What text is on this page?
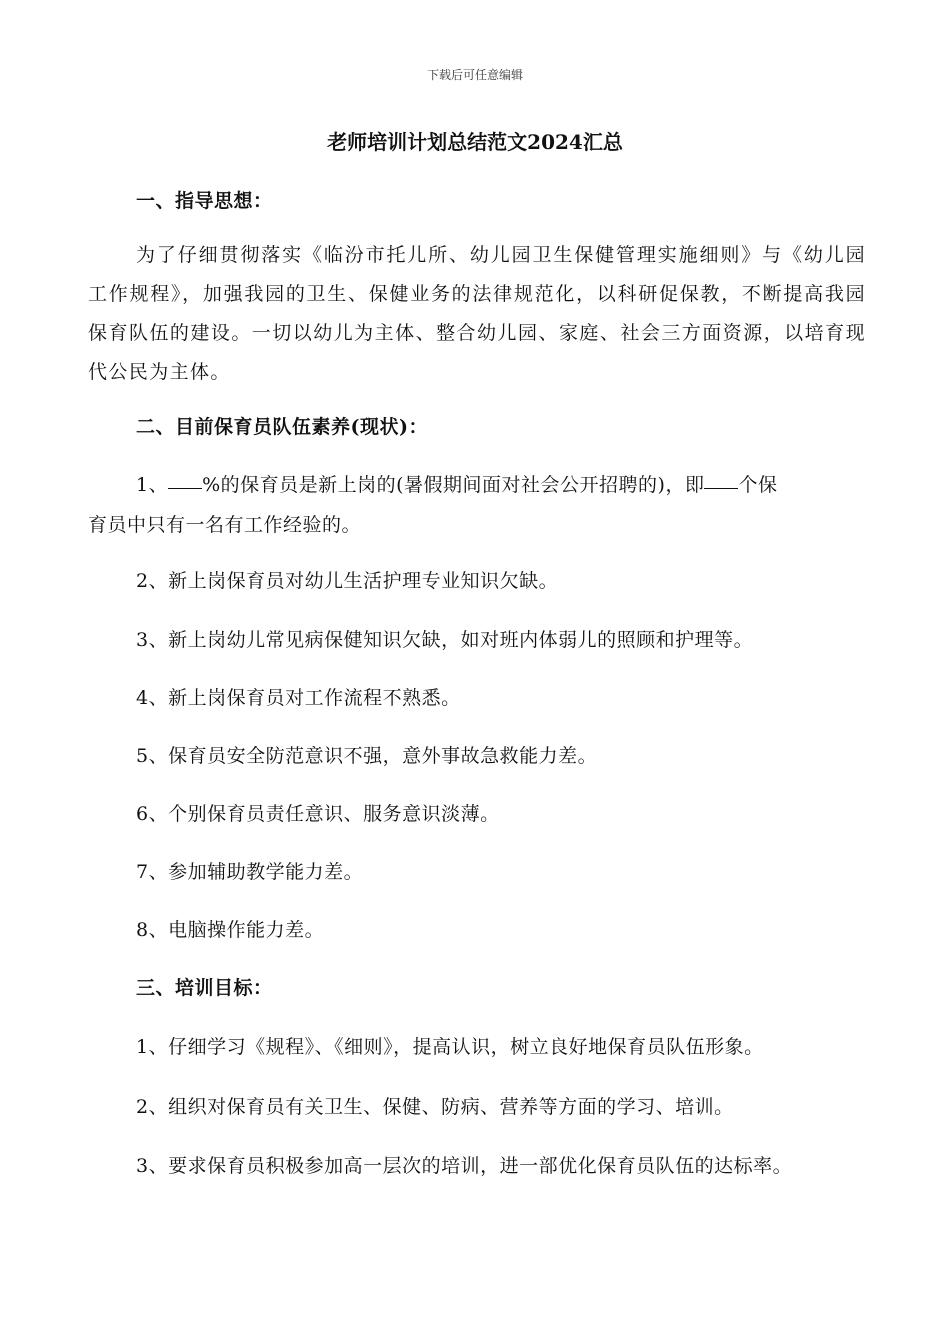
下载后可任意编辑
老师培训计划总结范文2024汇总
一、指导思想：
为了仔细贯彻落实《临汾市托儿所、幼儿园卫生保健管理实施细则》与《幼儿园工作规程》，加强我园的卫生、保健业务的法律规范化，以科研促保教，不断提高我园保育队伍的建设。一切以幼儿为主体、整合幼儿园、家庭、社会三方面资源，以培育现代公民为主体。
二、目前保育员队伍素养(现状)：
1、 %的保育员是新上岗的(暑假期间面对社会公开招聘的)，即 个保
育员中只有一名有工作经验的。
2、新上岗保育员对幼儿生活护理专业知识欠缺。
3、新上岗幼儿常见病保健知识欠缺，如对班内体弱儿的照顾和护理等。
4、新上岗保育员对工作流程不熟悉。
5、保育员安全防范意识不强，意外事故急救能力差。
6、个别保育员责任意识、服务意识淡薄。
7、参加辅助教学能力差。
8、电脑操作能力差。
三、培训目标：
1、仔细学习《规程》、《细则》，提高认识，树立良好地保育员队伍形象。
2、组织对保育员有关卫生、保健、防病、营养等方面的学习、培训。
3、要求保育员积极参加高一层次的培训，进一部优化保育员队伍的达标率。
